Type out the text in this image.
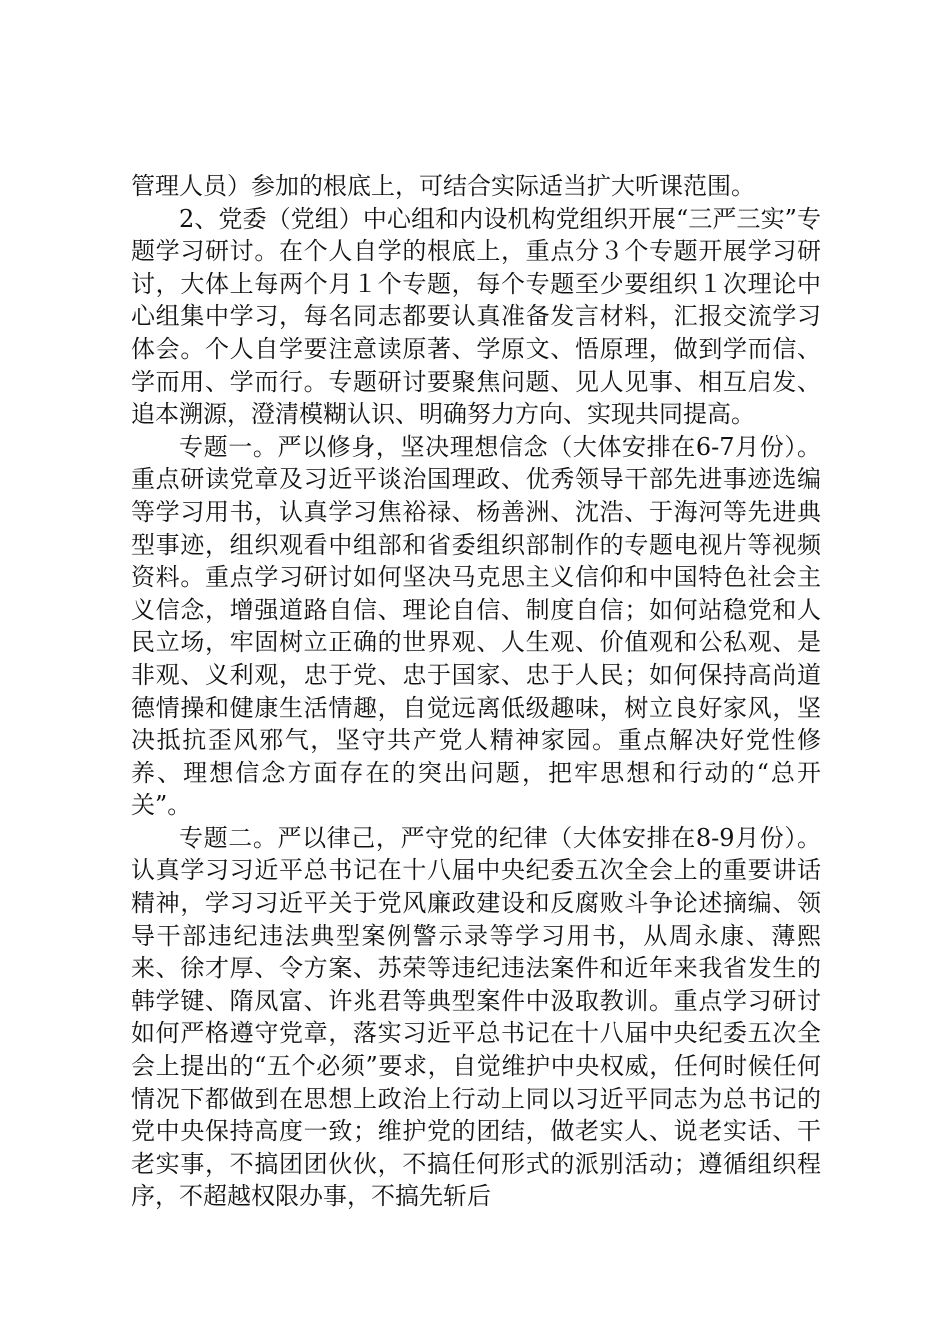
管理人员）参加的根底上，可结合实际适当扩大听课范围。

2、党委（党组）中心组和内设机构党组织开展“三严三实”专题学习研讨。在个人自学的根底上，重点分３个专题开展学习研讨，大体上每两个月１个专题，每个专题至少要组织１次理论中心组集中学习，每名同志都要认真准备发言材料，汇报交流学习体会。个人自学要注意读原著、学原文、悟原理，做到学而信、学而用、学而行。专题研讨要聚焦问题、见人见事、相互启发、追本溯源，澄清模糊认识、明确努力方向、实现共同提高。

专题一。严以修身，坚决理想信念（大体安排在6-7月份）。重点研读党章及习近平谈治国理政、优秀领导干部先进事迹选编等学习用书，认真学习焦裕禄、杨善洲、沈浩、于海河等先进典型事迹，组织观看中组部和省委组织部制作的专题电视片等视频资料。重点学习研讨如何坚决马克思主义信仰和中国特色社会主义信念，增强道路自信、理论自信、制度自信；如何站稳党和人民立场，牢固树立正确的世界观、人生观、价值观和公私观、是非观、义利观，忠于党、忠于国家、忠于人民；如何保持高尚道德情操和健康生活情趣，自觉远离低级趣味，树立良好家风，坚决抵抗歪风邪气，坚守共产党人精神家园。重点解决好党性修养、理想信念方面存在的突出问题，把牢思想和行动的“总开关”。

专题二。严以律己，严守党的纪律（大体安排在8-9月份）。认真学习习近平总书记在十八届中央纪委五次全会上的重要讲话精神，学习习近平关于党风廉政建设和反腐败斗争论述摘编、领导干部违纪违法典型案例警示录等学习用书，从周永康、薄熙来、徐才厚、令方案、苏荣等违纪违法案件和近年来我省发生的韩学键、隋凤富、许兆君等典型案件中汲取教训。重点学习研讨如何严格遵守党章，落实习近平总书记在十八届中央纪委五次全会上提出的“五个必须”要求，自觉维护中央权威，任何时候任何情况下都做到在思想上政治上行动上同以习近平同志为总书记的党中央保持高度一致；维护党的团结，做老实人、说老实话、干老实事，不搞团团伙伙，不搞任何形式的派别活动；遵循组织程序，不超越权限办事，不搞先斩后
